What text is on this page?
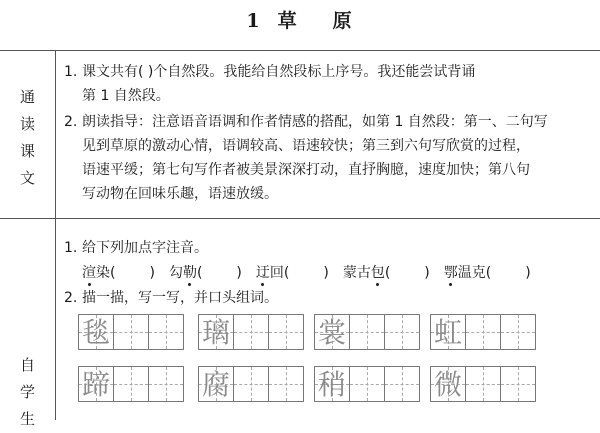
1 草 原
通
读
课
文
1. 课文共有( )个自然段。我能给自然段标上序号。我还能尝试背诵
第 1 自然段。
2. 朗读指导：注意语音语调和作者情感的搭配，如第 1 自然段：第一、二句写
见到草原的激动心情，语调较高、语速较快；第三到六句写欣赏的过程，
语速平缓；第七句写作者被美景深深打动，直抒胸臆，速度加快；第八句
写动物在回味乐趣，语速放缓。
自
学
生
1. 给下列加点字注音。
渲染( ) 勾勒( ) 迂回( ) 蒙古包( ) 鄂温克( )
2. 描一描，写一写，并口头组词。
毯	璃	裳	虹
蹄	腐	稍	微
